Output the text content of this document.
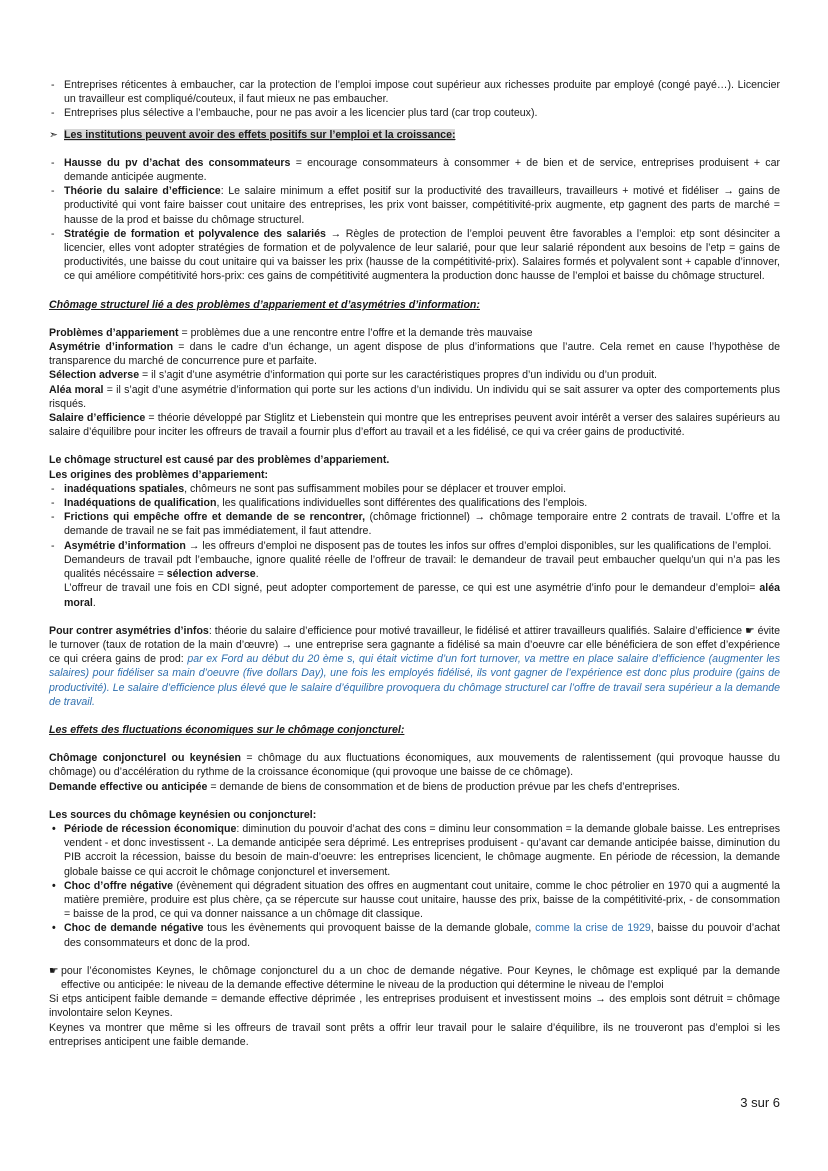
- Entreprises réticentes à embaucher, car la protection de l’emploi impose cout supérieur aux richesses produite par employé (congé payé…). Licencier un travailleur est compliqué/couteux, il faut mieux ne pas embaucher.

- Entreprises plus sélective a l’embauche, pour ne pas avoir a les licencier plus tard (car trop couteux).

➣ Les institutions peuvent avoir des effets positifs sur l’emploi et la croissance:

- Hausse du pv d’achat des consommateurs = encourage consommateurs à consommer + de bien et de service, entreprises produisent + car demande anticipée augmente.

- Théorie du salaire d’efficience: Le salaire minimum a effet positif sur la productivité des travailleurs, travailleurs + motivé et fidéliser → gains de productivité qui vont faire baisser cout unitaire des entreprises, les prix vont baisser, compétitivité-prix augmente, etp gagnent des parts de marché = hausse de la prod et baisse du chômage structurel.

- Stratégie de formation et polyvalence des salariés → Règles de protection de l’emploi peuvent être favorables a l’emploi: etp sont désinciter a licencier, elles vont adopter stratégies de formation et de polyvalence de leur salarié, pour que leur salarié répondent aux besoins de l’etp = gains de productivités, une baisse du cout unitaire qui va baisser les prix (hausse de la compétitivité-prix). Salaires formés et polyvalent sont + capable d’innover, ce qui améliore compétitivité hors-prix: ces gains de compétitivité augmentera la production donc hausse de l’emploi et baisse du chômage structurel.

Chômage structurel lié a des problèmes d’appariement et d’asymétries d’information:

Problèmes d’appariement = problèmes due a une rencontre entre l’offre et la demande très mauvaise

Asymétrie d’information = dans le cadre d’un échange, un agent dispose de plus d’informations que l’autre. Cela remet en cause l’hypothèse de transparence du marché de concurrence pure et parfaite.

Sélection adverse = il s’agit d’une asymétrie d’information qui porte sur les caractéristiques propres d’un individu ou d’un produit.

Aléa moral = il s’agit d’une asymétrie d’information qui porte sur les actions d’un individu. Un individu qui se sait assurer va opter des comportements plus risqués.

Salaire d’efficience = théorie développé par Stiglitz et Liebenstein qui montre que les entreprises peuvent avoir intérêt a verser des salaires supérieurs au salaire d’équilibre pour inciter les offreurs de travail a fournir plus d’effort au travail et a les fidélisé, ce qui va créer gains de productivité.

Le chômage structurel est causé par des problèmes d’appariement.

Les origines des problèmes d’appariement:

- inadéquations spatiales, chômeurs ne sont pas suffisamment mobiles pour se déplacer et trouver emploi.

- Inadéquations de qualification, les qualifications individuelles sont différentes des qualifications des l’emplois.

- Frictions qui empêche offre et demande de se rencontrer, (chômage frictionnel) → chômage temporaire entre 2 contrats de travail. L’offre et la demande de travail ne se fait pas immédiatement, il faut attendre.

- Asymétrie d’information → les offreurs d’emploi ne disposent pas de toutes les infos sur offres d’emploi disponibles, sur les qualifications de l’emploi.

Demandeurs de travail pdt l’embauche, ignore qualité réelle de l’offreur de travail: le demandeur de travail peut embaucher quelqu’un qui n’a pas les qualités nécéssaire = sélection adverse.

L’offreur de travail une fois en CDI signé, peut adopter comportement de paresse, ce qui est une asymétrie d’info pour le demandeur d’emploi= aléa moral.

Pour contrer asymétries d’infos: théorie du salaire d’efficience pour motivé travailleur, le fidélisé et attirer travailleurs qualifiés. Salaire d’efficience ☛ évite le turnover (taux de rotation de la main d’œuvre) → une entreprise sera gagnante a fidélisé sa main d’oeuvre car elle bénéficiera de son effet d’expérience ce qui créera gains de prod: par ex Ford au début du 20 ème s, qui était victime d’un fort turnover, va mettre en place salaire d’efficience (augmenter les salaires) pour fidéliser sa main d’oeuvre (five dollars Day), une fois les employés fidélisé, ils vont gagner de l’expérience est donc plus produire (gains de productivité). Le salaire d’efficience plus élevé que le salaire d’équilibre provoquera du chômage structurel car l’offre de travail sera supérieur a la demande de travail.

Les effets des fluctuations économiques sur le chômage conjoncturel:

Chômage conjoncturel ou keynésien = chômage du aux fluctuations économiques, aux mouvements de ralentissement (qui provoque hausse du chômage) ou d’accélération du rythme de la croissance économique (qui provoque une baisse de ce chômage).

Demande effective ou anticipée = demande de biens de consommation et de biens de production prévue par les chefs d’entreprises.

Les sources du chômage keynésien ou conjoncturel:

• Période de récession économique: diminution du pouvoir d’achat des cons = diminu leur consommation = la demande globale baisse. Les entreprises vendent - et donc investissent -. La demande anticipée sera déprimé. Les entreprises produisent - qu’avant car demande anticipée baisse, diminution du PIB accroit la récession, baisse du besoin de main-d’oeuvre: les entreprises licencient, le chômage augmente. En période de récession, la demande globale baisse ce qui accroit le chômage conjoncturel et inversement.

• Choc d’offre négative (évènement qui dégradent situation des offres en augmentant cout unitaire, comme le choc pétrolier en 1970 qui a augmenté la matière première, produire est plus chère, ça se répercute sur hausse cout unitaire, hausse des prix, baisse de la compétitivité-prix, - de consommation = baisse de la prod, ce qui va donner naissance a un chômage dit classique.

• Choc de demande négative tous les évènements qui provoquent baisse de la demande globale, comme la crise de 1929, baisse du pouvoir d’achat des consommateurs et donc de la prod.

☛ pour l’économistes Keynes, le chômage conjoncturel du a un choc de demande négative. Pour Keynes, le chômage est expliqué par la demande effective ou anticipée: le niveau de la demande effective détermine le niveau de la production qui détermine le niveau de l’emploi

Si etps anticipent faible demande = demande effective déprimée , les entreprises produisent et investissent moins → des emplois sont détruit = chômage involontaire selon Keynes.

Keynes va montrer que même si les offreurs de travail sont prêts a offrir leur travail pour le salaire d’équilibre, ils ne trouveront pas d’emploi si les entreprises anticipent une faible demande.

3 sur 6
